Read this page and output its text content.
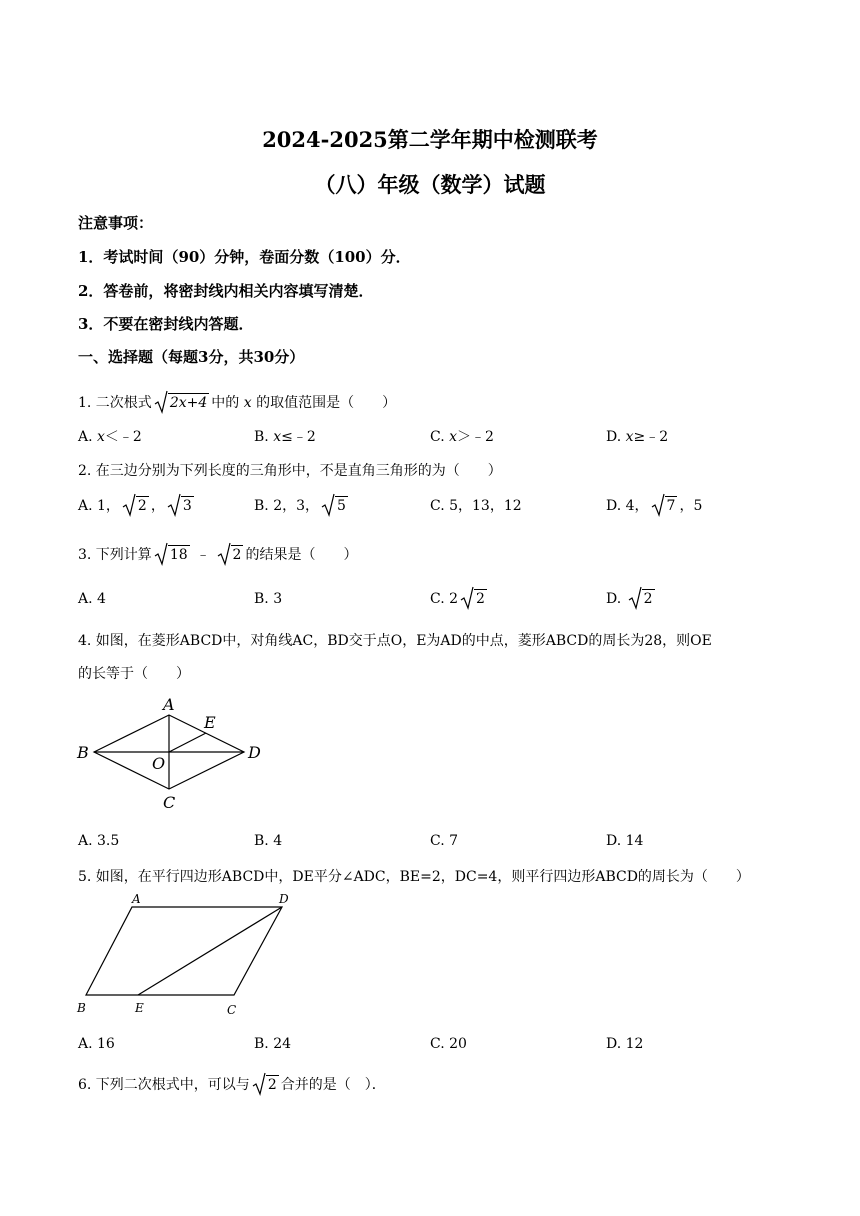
2024-2025第二学年期中检测联考
（八）年级（数学）试题
注意事项：
1．考试时间（90）分钟，卷面分数（100）分．
2．答卷前，将密封线内相关内容填写清楚．
3．不要在密封线内答题．
一、选择题（每题3分，共30分）
1. 二次根式 2x+4 中的 x 的取值范围是（　　）
A. x＜﹣2	B. x≤﹣2	C. x＞﹣2	D. x≥﹣2
2. 在三边分别为下列长度的三角形中，不是直角三角形的为（　　）
A. 1， 2 ， 3	B. 2，3， 5	C. 5，13，12	D. 4， 7 ，5
3. 下列计算 18 ﹣ 2 的结果是（　　）
A. 4	B. 3	C. 2 2	D.
2
4. 如图，在菱形ABCD中，对角线AC，BD交于点O，E为AD的中点，菱形ABCD的周长为28，则OE
的长等于（　　）
A
E
B	D
O
C
A. 3.5	B. 4	C. 7	D. 14
5. 如图，在平行四边形ABCD中，DE平分∠ADC，BE=2，DC=4，则平行四边形ABCD的周长为（　　）
A	D
B	E	C
A. 16	B. 24	C. 20	D. 12
6. 下列二次根式中，可以与 2 合并的是（　）．
